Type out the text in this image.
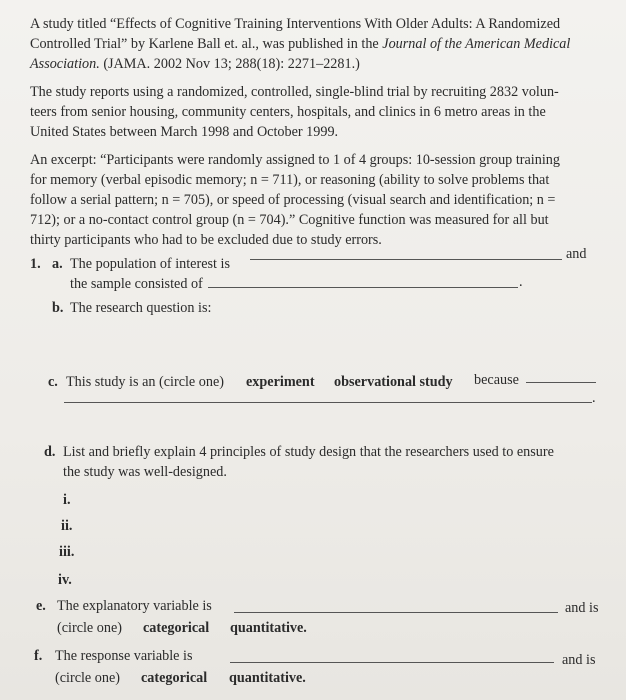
A study titled “Effects of Cognitive Training Interventions With Older Adults: A Randomized
Controlled Trial” by Karlene Ball et. al., was published in the Journal of the American Medical
Association. (JAMA. 2002 Nov 13; 288(18): 2271–2281.)
The study reports using a randomized, controlled, single-blind trial by recruiting 2832 volun-
teers from senior housing, community centers, hospitals, and clinics in 6 metro areas in the
United States between March 1998 and October 1999.
An excerpt: “Participants were randomly assigned to 1 of 4 groups: 10-session group training
for memory (verbal episodic memory; n = 711), or reasoning (ability to solve problems that
follow a serial pattern; n = 705), or speed of processing (visual search and identification; n =
712); or a no-contact control group (n = 704).” Cognitive function was measured for all but
thirty participants who had to be excluded due to study errors.
1. a. The population of interest is
and
the sample consisted of	.
b. The research question is:
c. This study is an (circle one) experiment observational study because
.
d. List and briefly explain 4 principles of study design that the researchers used to ensure
the study was well-designed.
i.
ii.
iii.
iv.
e. The explanatory variable is	and is
(circle one) categorical quantitative.
f. The response variable is	and is
(circle one) categorical quantitative.
